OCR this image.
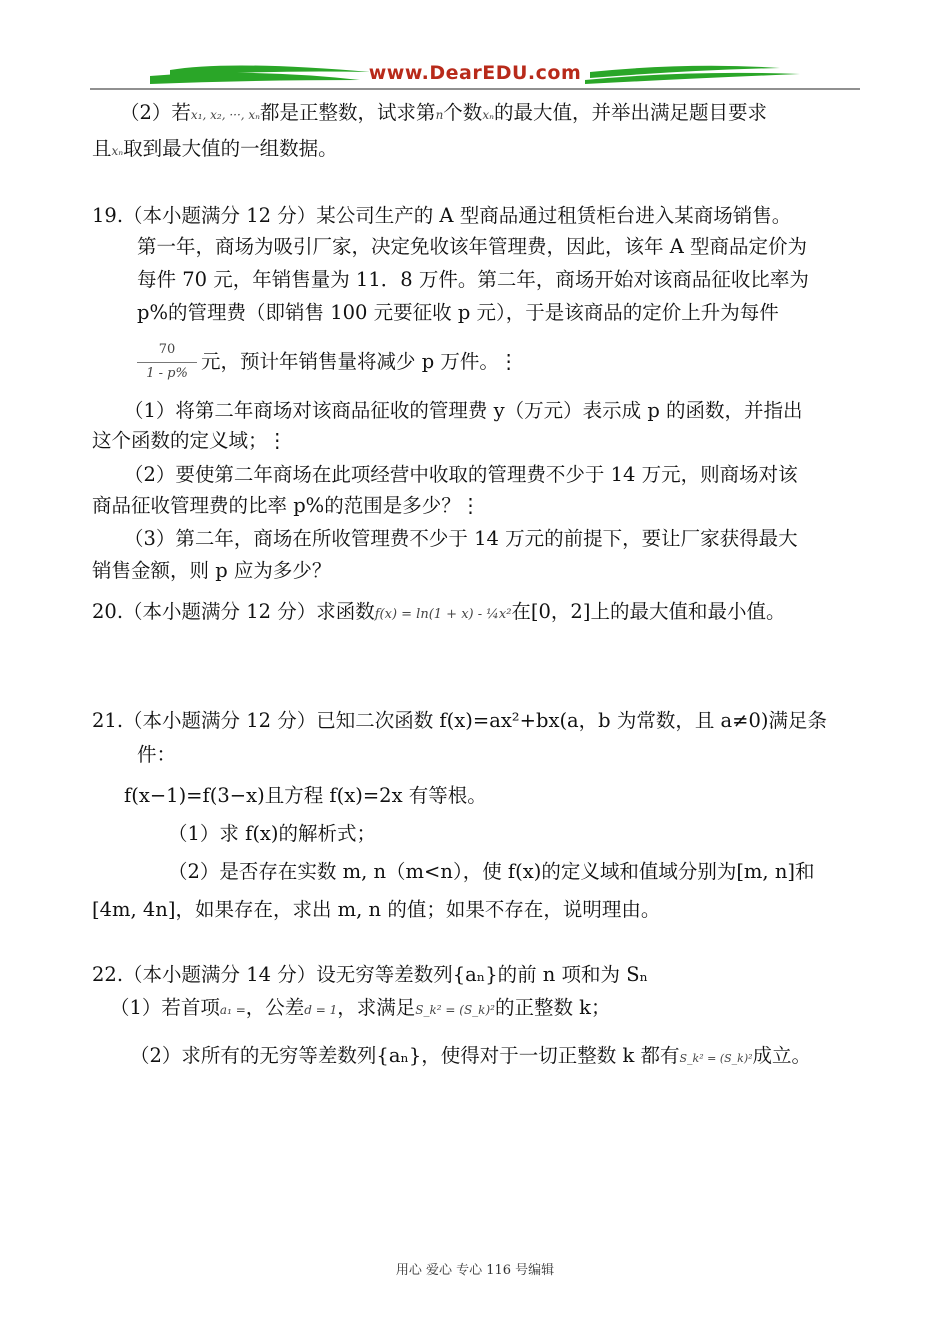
www.DearEDU.com
（2）若x₁, x₂, ···, xₙ都是正整数，试求第n个数xₙ的最大值，并举出满足题目要求
且xₙ取到最大值的一组数据。
19.（本小题满分 12 分）某公司生产的 A 型商品通过租赁柜台进入某商场销售。
第一年，商场为吸引厂家，决定免收该年管理费，因此，该年 A 型商品定价为
每件 70 元，年销售量为 11．8 万件。第二年，商场开始对该商品征收比率为
p%的管理费（即销售 100 元要征收 p 元），于是该商品的定价上升为每件
70
1 - p%
元，预计年销售量将减少 p 万件。⋮
（1）将第二年商场对该商品征收的管理费 y（万元）表示成 p 的函数，并指出
这个函数的定义域；⋮
（2）要使第二年商场在此项经营中收取的管理费不少于 14 万元，则商场对该
商品征收管理费的比率 p%的范围是多少？⋮
（3）第二年，商场在所收管理费不少于 14 万元的前提下，要让厂家获得最大
销售金额，则 p 应为多少？
20.（本小题满分 12 分）求函数f(x) = ln(1 + x) - ¼x²在[0，2]上的最大值和最小值。
21.（本小题满分 12 分）已知二次函数 f(x)=ax²+bx(a，b 为常数，且 a≠0)满足条
件：
f(x−1)=f(3−x)且方程 f(x)=2x 有等根。
（1）求 f(x)的解析式；
（2）是否存在实数 m, n（m<n），使 f(x)的定义域和值域分别为[m, n]和
[4m, 4n]，如果存在，求出 m, n 的值；如果不存在，说明理由。
22.（本小题满分 14 分）设无穷等差数列{aₙ}的前 n 项和为 Sₙ
（1）若首项a₁ =，公差d = 1，求满足S_k² = (S_k)²的正整数 k；
（2）求所有的无穷等差数列{aₙ}，使得对于一切正整数 k 都有S_k² = (S_k)²成立。
用心 爱心 专心 116 号编辑
